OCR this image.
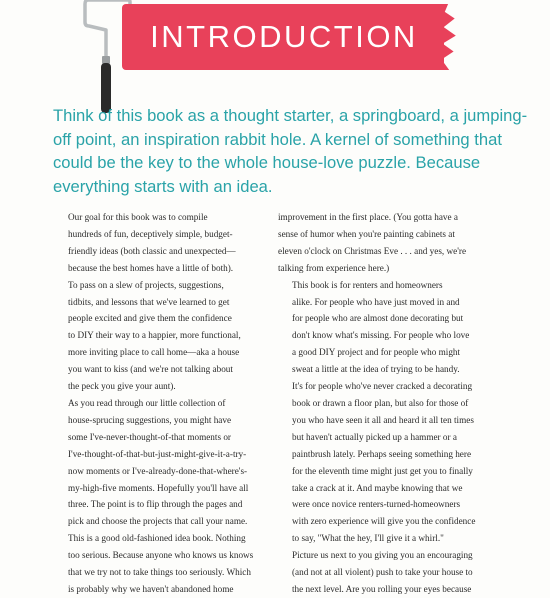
INTRODUCTION

Think of this book as a thought starter, a springboard, a jumping-off point, an inspiration rabbit hole. A kernel of something that could be the key to the whole house-love puzzle. Because everything starts with an idea.

Our goal for this book was to compile
hundreds of fun, deceptively simple, budget-
friendly ideas (both classic and unexpected—
because the best homes have a little of both).
To pass on a slew of projects, suggestions,
tidbits, and lessons that we've learned to get
people excited and give them the confidence
to DIY their way to a happier, more functional,
more inviting place to call home—aka a house
you want to kiss (and we're not talking about
the peck you give your aunt).

As you read through our little collection of
house-sprucing suggestions, you might have
some I've-never-thought-of-that moments or
I've-thought-of-that-but-just-might-give-it-a-try-
now moments or I've-already-done-that-where's-
my-high-five moments. Hopefully you'll have all
three. The point is to flip through the pages and
pick and choose the projects that call your name.
This is a good old-fashioned idea book. Nothing
too serious. Because anyone who knows us knows
that we try not to take things too seriously. Which
is probably why we haven't abandoned home

improvement in the first place. (You gotta have a
sense of humor when you're painting cabinets at
eleven o'clock on Christmas Eve . . . and yes, we're
talking from experience here.)

This book is for renters and homeowners
alike. For people who have just moved in and
for people who are almost done decorating but
don't know what's missing. For people who love
a good DIY project and for people who might
sweat a little at the idea of trying to be handy.
It's for people who've never cracked a decorating
book or drawn a floor plan, but also for those of
you who have seen it all and heard it all ten times
but haven't actually picked up a hammer or a
paintbrush lately. Perhaps seeing something here
for the eleventh time might just get you to finally
take a crack at it. And maybe knowing that we
were once novice renters-turned-homeowners
with zero experience will give you the confidence
to say, "What the hey, I'll give it a whirl."

Picture us next to you giving you an encouraging
(and not at all violent) push to take your house to
the next level. Are you rolling your eyes because
